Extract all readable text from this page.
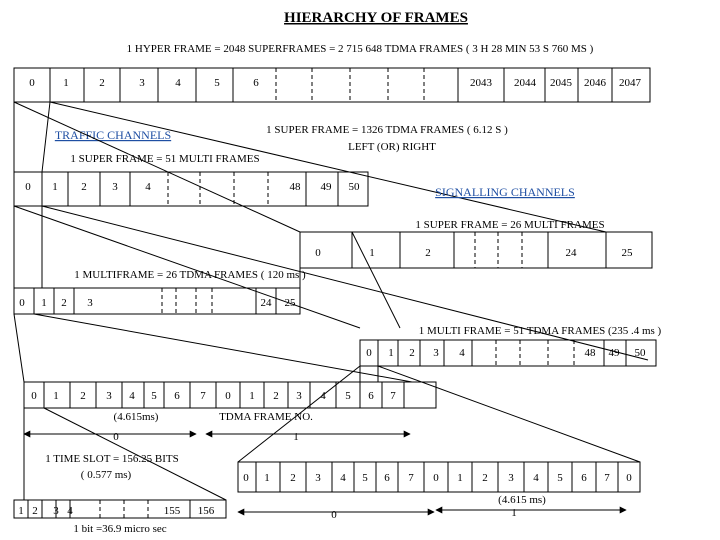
HIERARCHY OF FRAMES
1 HYPER FRAME = 2048 SUPERFRAMES = 2 715 648 TDMA FRAMES ( 3 H 28 MIN 53 S 760 MS )
0	1	2	3	4	5	6	2043 2044 2045 2046 2047
1 SUPER FRAME = 1326 TDMA FRAMES ( 6.12 S )
LEFT (OR) RIGHT
TRAFFIC CHANNELS
1 SUPER FRAME = 51 MULTI FRAMES
0 1 2 3	4	48 49 50	SIGNALLING CHANNELS
1 SUPER FRAME = 26 MULTI FRAMES
0	1	2	24	25
1 MULTIFRAME = 26 TDMA FRAMES ( 120 ms )
0 1 2 3	24 25
1 MULTI FRAME = 51 TDMA FRAMES (235 .4 ms )
0 1 2 3 4	48 49 50
0 1 2 3 4 5 6 7 0 1 2 3 4 5 6 7
(4.615ms)	TDMA FRAME NO.
0	1
1 TIME SLOT = 156.25 BITS
( 0.577 ms)	0 1 2 3 4 5 6 7 0 1 2 3 4 5 6 7 0
0
(4.615 ms)
1
1 2 3 4	155 156
1 bit =36.9 micro sec
